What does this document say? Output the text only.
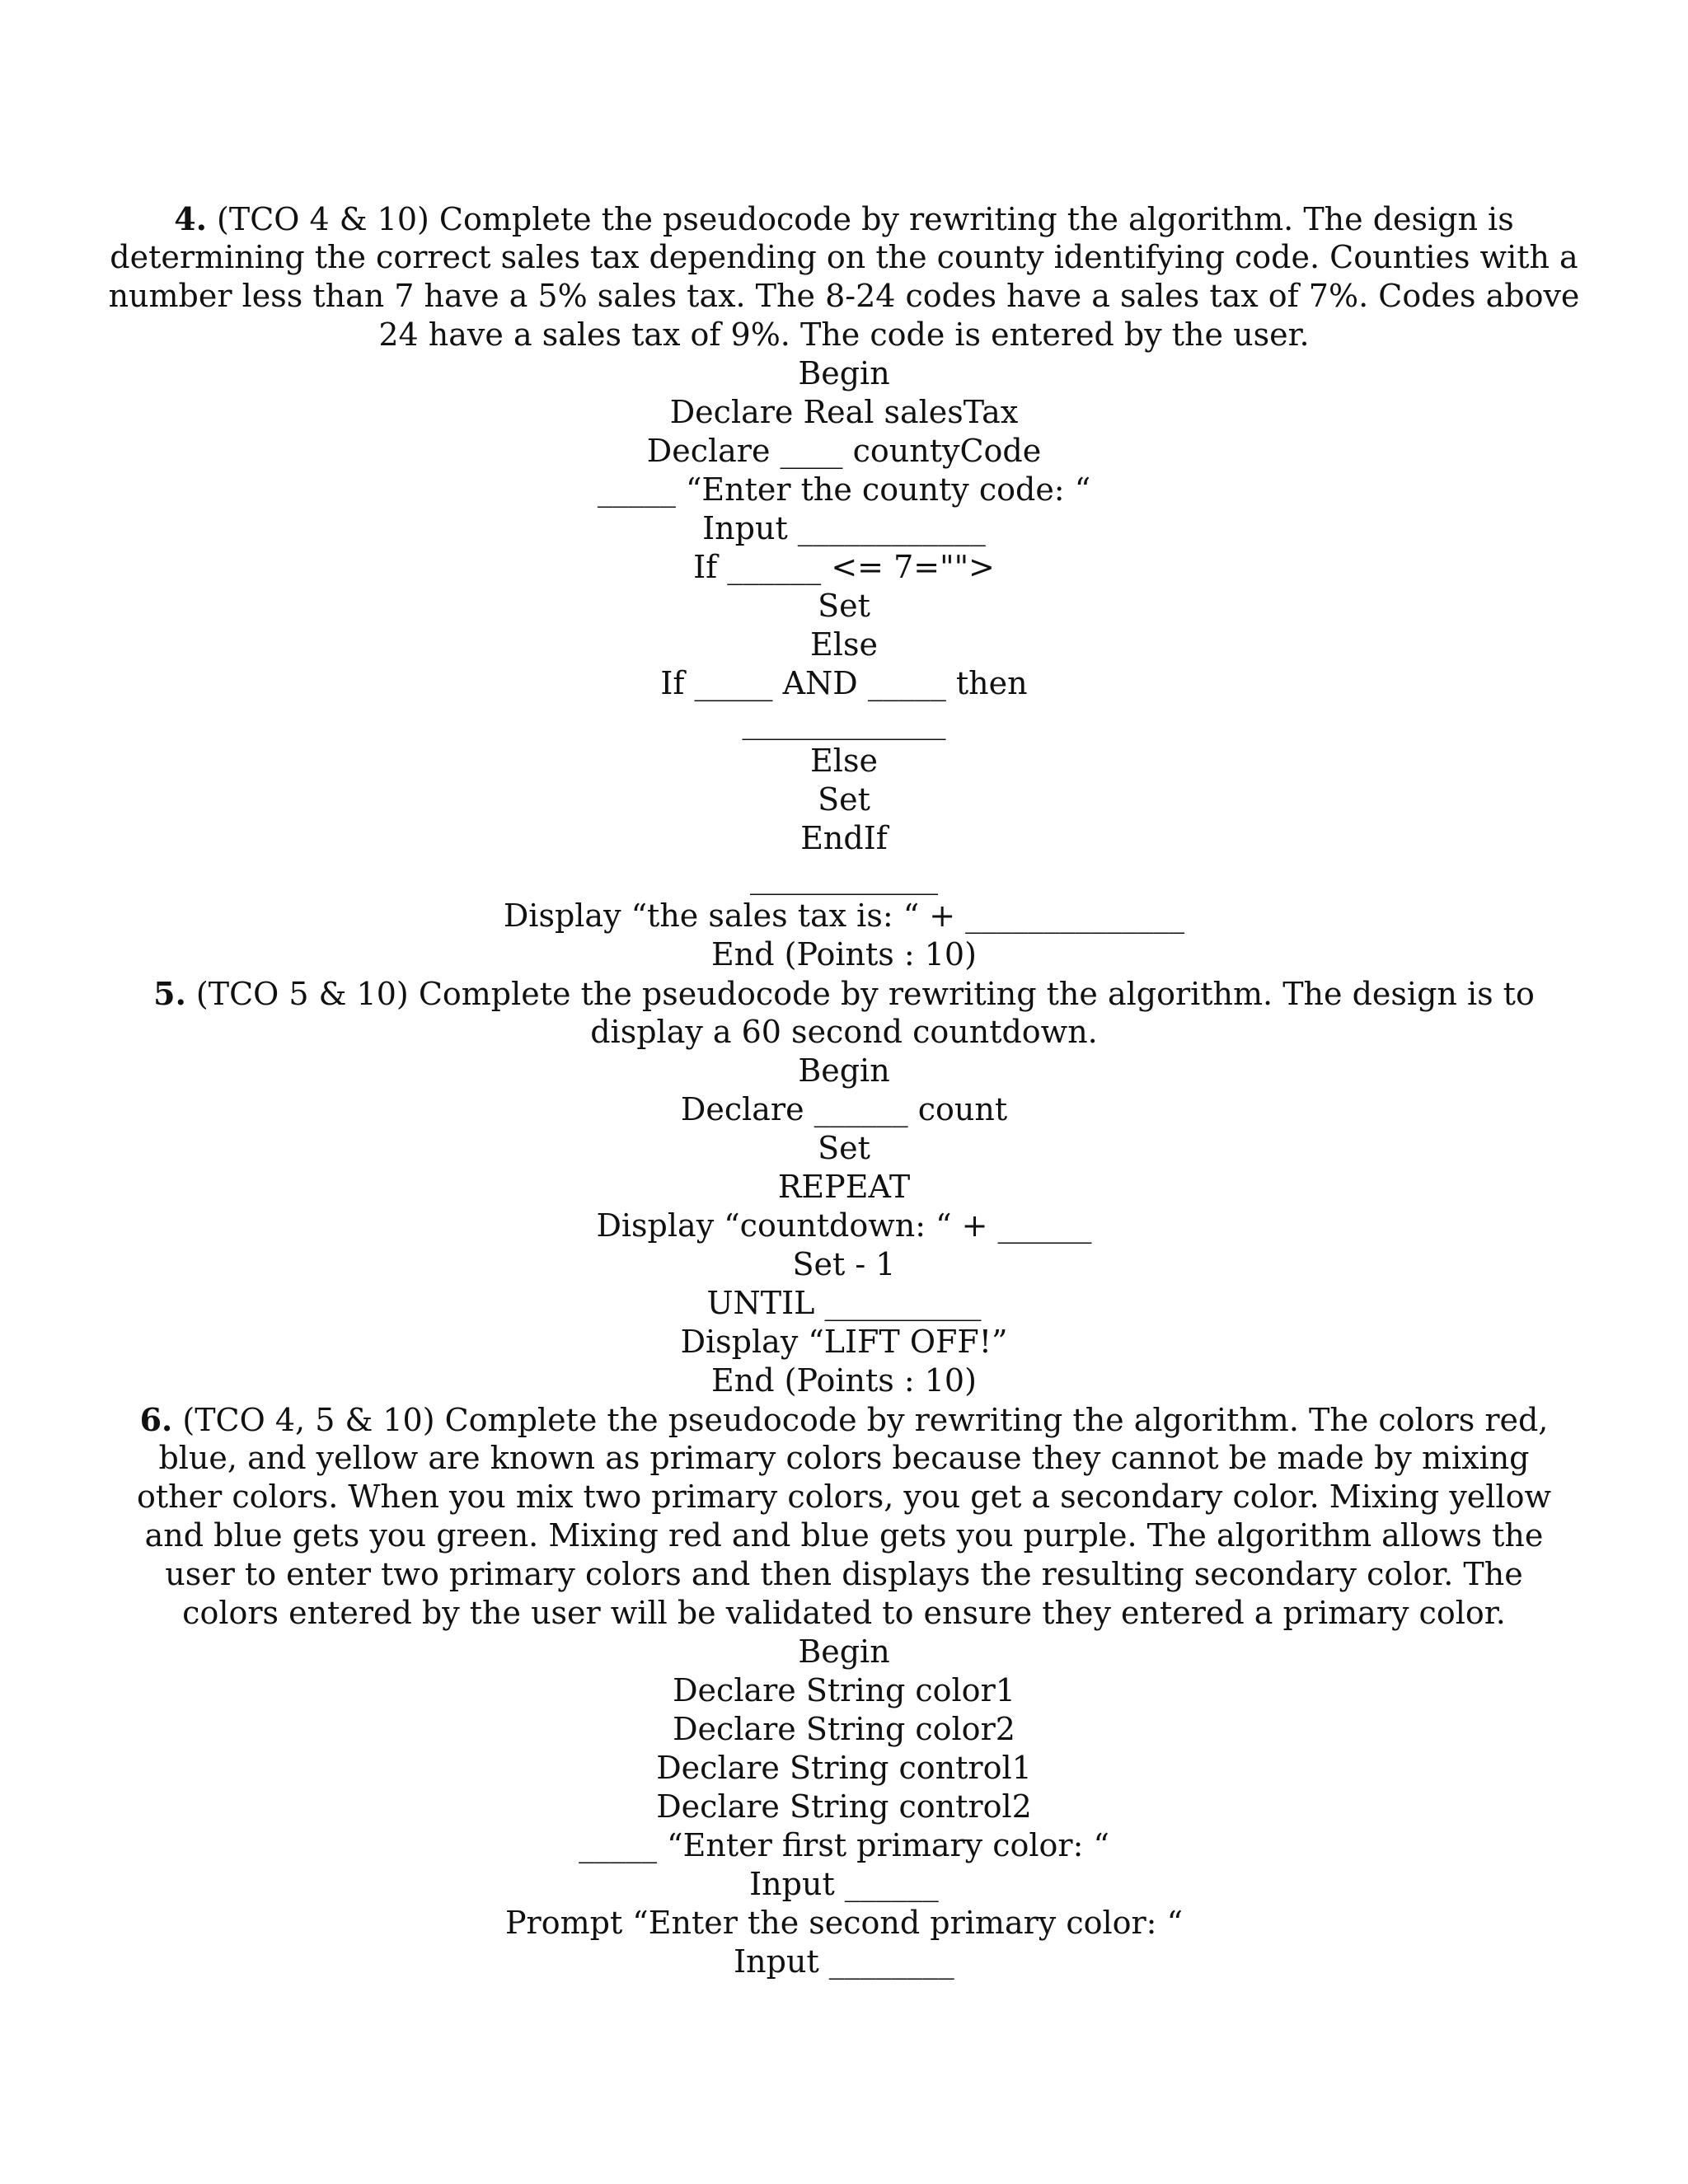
4. (TCO 4 & 10) Complete the pseudocode by rewriting the algorithm. The design is
determining the correct sales tax depending on the county identifying code. Counties with a
number less than 7 have a 5% sales tax. The 8-24 codes have a sales tax of 7%. Codes above
24 have a sales tax of 9%. The code is entered by the user.
Begin
Declare Real salesTax
Declare ____ countyCode
_____ “Enter the county code: “
Input ____________
If ______ <= 7="">
Set
Else
If _____ AND _____ then
_____________
Else
Set
EndIf
____________
Display “the sales tax is: “ + ______________
End (Points : 10)
5. (TCO 5 & 10) Complete the pseudocode by rewriting the algorithm. The design is to
display a 60 second countdown.
Begin
Declare ______ count
Set
REPEAT
Display “countdown: “ + ______
Set - 1
UNTIL __________
Display “LIFT OFF!”
End (Points : 10)
6. (TCO 4, 5 & 10) Complete the pseudocode by rewriting the algorithm. The colors red,
blue, and yellow are known as primary colors because they cannot be made by mixing
other colors. When you mix two primary colors, you get a secondary color. Mixing yellow
and blue gets you green. Mixing red and blue gets you purple. The algorithm allows the
user to enter two primary colors and then displays the resulting secondary color. The
colors entered by the user will be validated to ensure they entered a primary color.
Begin
Declare String color1
Declare String color2
Declare String control1
Declare String control2
_____ “Enter first primary color: “
Input ______
Prompt “Enter the second primary color: “
Input ________
